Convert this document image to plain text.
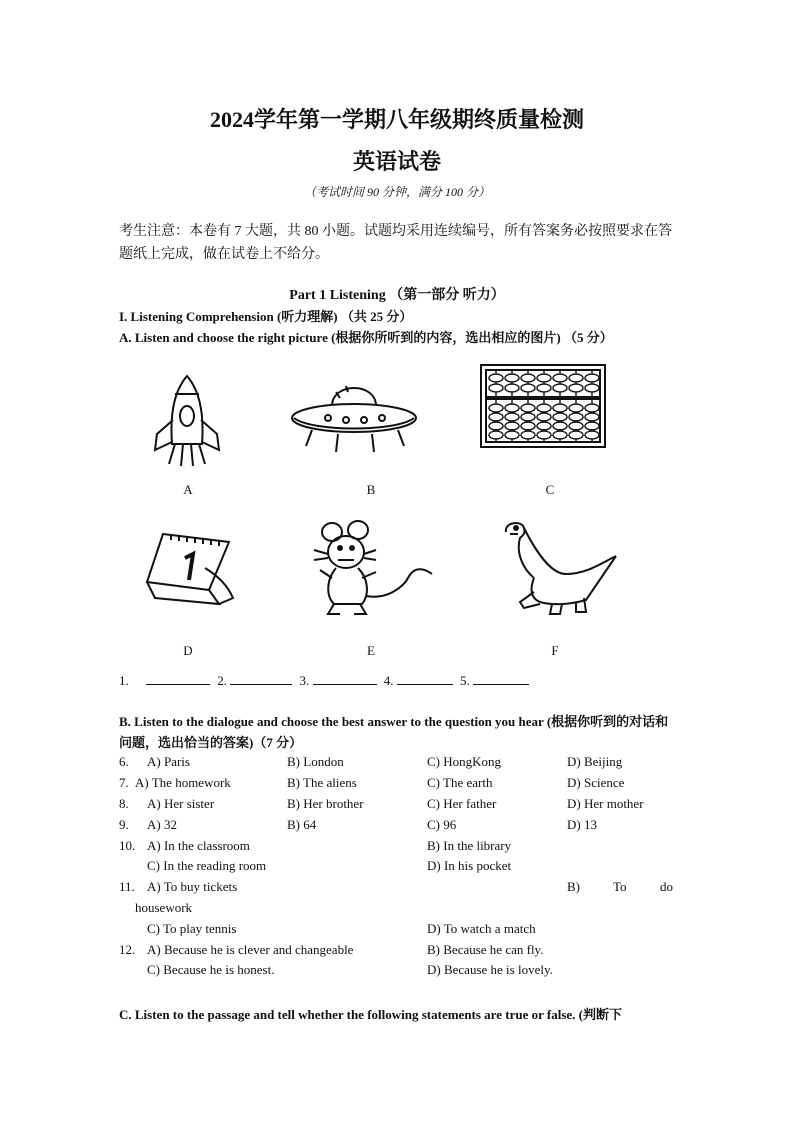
2024学年第一学期八年级期终质量检测
英语试卷
（考试时间 90 分钟，满分 100 分）
考生注意：本卷有 7 大题，共 80 小题。试题均采用连续编号，所有答案务必按照要求在答题纸上完成，做在试卷上不给分。
Part 1 Listening （第一部分 听力）
I. Listening Comprehension (听力理解) （共 25 分）
A. Listen and choose the right picture (根据你所听到的内容，选出相应的图片) （5 分）
A	B	C
D	E	F
1.	2.	3.	4.	5.
B. Listen to the dialogue and choose the best answer to the question you hear (根据你听到的对话和问题，选出恰当的答案)（7 分）
6. A) Paris	B) London	C) HongKong	D) Beijing
7. A) The homework	B) The aliens	C) The earth	D) Science
8. A) Her sister	B) Her brother	C) Her father	D) Her mother
9. A) 32	B) 64	C) 96	D) 13
10. A) In the classroom	B) In the library
C) In the reading room	D) In his pocket
11. A) To buy tickets	B)	To	do
housework
C) To play tennis	D) To watch a match
12. A) Because he is clever and changeable	B) Because he can fly.
C) Because he is honest.	D) Because he is lovely.
C. Listen to the passage and tell whether the following statements are true or false. (判断下
